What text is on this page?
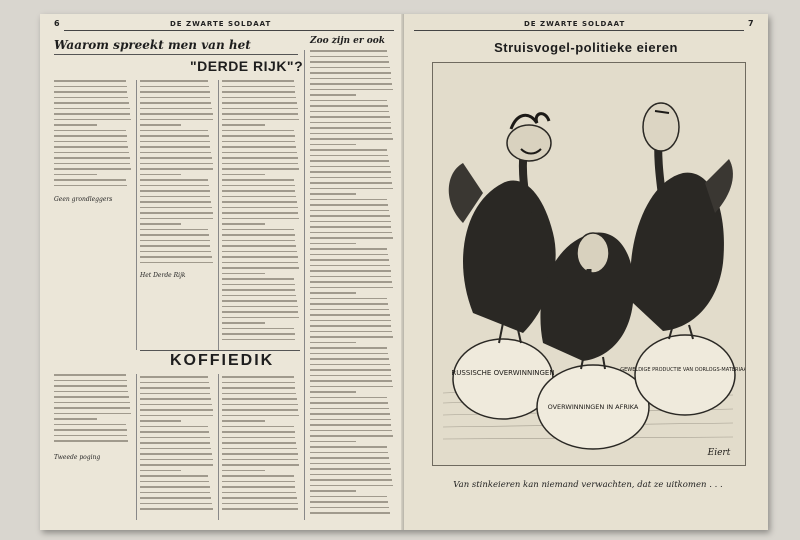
6	DE ZWARTE SOLDAAT
Waarom spreekt men van het
"DERDE RIJK"?
Zoo zijn er ook
Geen grondleggers
Tweede poging
Het Derde Rijk
KOFFIEDIK
DE ZWARTE SOLDAAT	7
Struisvogel-politieke eieren
RUSSISCHE OVERWINNINGEN
OVERWINNINGEN IN AFRIKA
GEWELDIGE PRODUCTIE VAN OORLOGS-MATERIAAL
Eiert
Van stinkeieren kan niemand verwachten, dat ze uitkomen . . .
